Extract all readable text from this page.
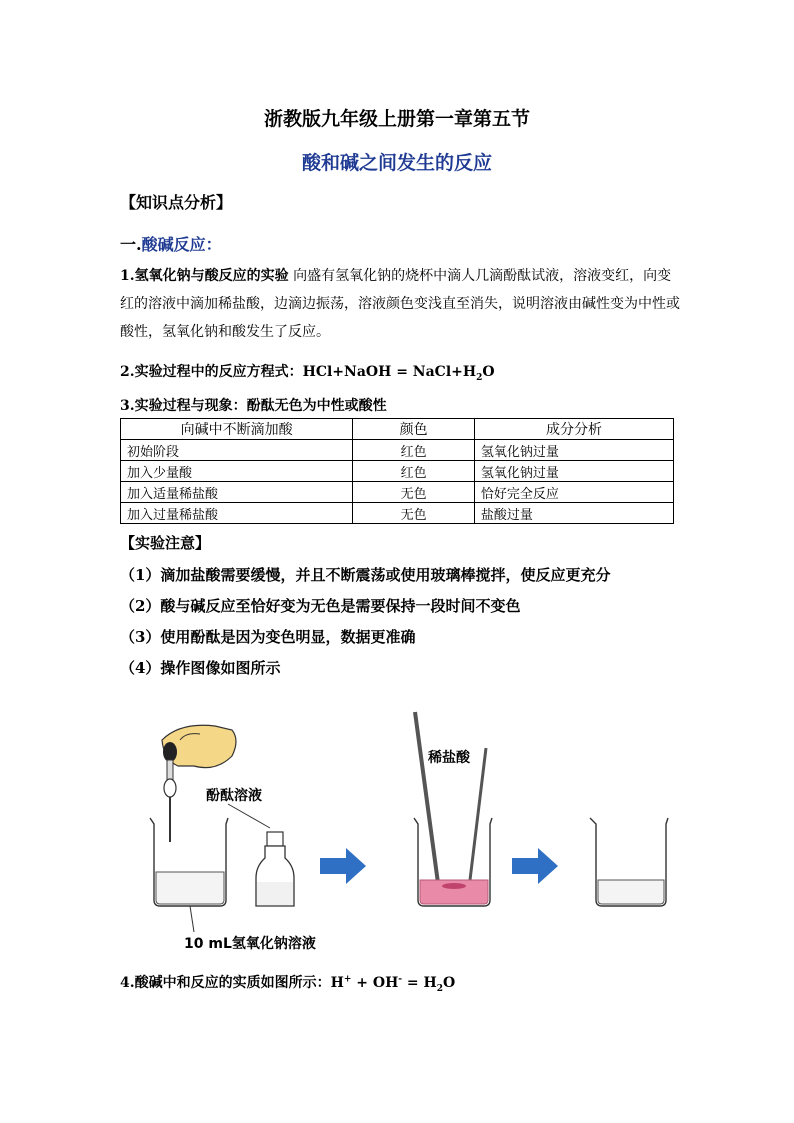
浙教版九年级上册第一章第五节
酸和碱之间发生的反应
【知识点分析】
一.酸碱反应：
1.氢氧化钠与酸反应的实验 向盛有氢氧化钠的烧杯中滴人几滴酚酞试液，溶液变红，向变红的溶液中滴加稀盐酸，边滴边振荡，溶液颜色变浅直至消失，说明溶液由碱性变为中性或酸性，氢氧化钠和酸发生了反应。
2.实验过程中的反应方程式：HCl+NaOH = $NaCl+H_2O$
3.实验过程与现象：酚酞无色为中性或酸性
向碱中不断滴加酸	颜色	成分分析
初始阶段	红色	氢氧化钠过量
加入少量酸	红色	氢氧化钠过量
加入适量稀盐酸	无色	恰好完全反应
加入过量稀盐酸	无色	盐酸过量
【实验注意】
（1）滴加盐酸需要缓慢，并且不断震荡或使用玻璃棒搅拌，使反应更充分
（2）酸与碱反应至恰好变为无色是需要保持一段时间不变色
（3）使用酚酞是因为变色明显，数据更准确
（4）操作图像如图所示
酚酞溶液
10 mL氢氧化钠溶液
稀盐酸
4.酸碱中和反应的实质如图所示：$H^+ + OH^- = H_2O$
